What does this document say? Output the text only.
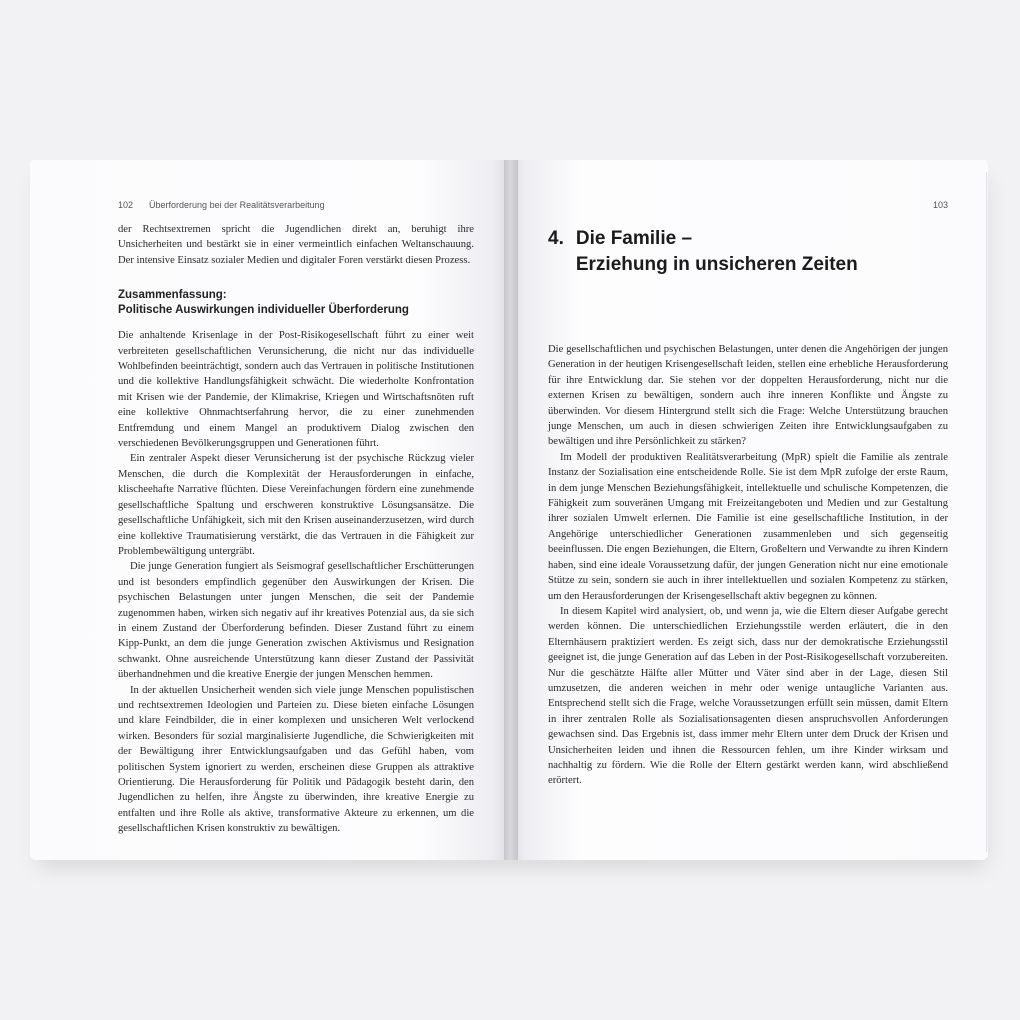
102 Überforderung bei der Realitätsverarbeitung

der Rechtsextremen spricht die Jugendlichen direkt an, beruhigt ihre Unsicherheiten und bestärkt sie in einer vermeintlich einfachen Weltanschauung. Der intensive Einsatz sozialer Medien und digitaler Foren verstärkt diesen Prozess.

Zusammenfassung:
Politische Auswirkungen individueller Überforderung

Die anhaltende Krisenlage in der Post-Risikogesellschaft führt zu einer weit verbreiteten gesellschaftlichen Verunsicherung, die nicht nur das individuelle Wohlbefinden beeinträchtigt, sondern auch das Vertrauen in politische Institutionen und die kollektive Handlungsfähigkeit schwächt. Die wiederholte Konfrontation mit Krisen wie der Pandemie, der Klimakrise, Kriegen und Wirtschaftsnöten ruft eine kollektive Ohnmachtserfahrung hervor, die zu einer zunehmenden Entfremdung und einem Mangel an produktivem Dialog zwischen den verschiedenen Bevölkerungsgruppen und Generationen führt.

Ein zentraler Aspekt dieser Verunsicherung ist der psychische Rückzug vieler Menschen, die durch die Komplexität der Herausforderungen in einfache, klischeehafte Narrative flüchten. Diese Vereinfachungen fördern eine zunehmende gesellschaftliche Spaltung und erschweren konstruktive Lösungsansätze. Die gesellschaftliche Unfähigkeit, sich mit den Krisen auseinanderzusetzen, wird durch eine kollektive Traumatisierung verstärkt, die das Vertrauen in die Fähigkeit zur Problembewältigung untergräbt.

Die junge Generation fungiert als Seismograf gesellschaftlicher Erschütterungen und ist besonders empfindlich gegenüber den Auswirkungen der Krisen. Die psychischen Belastungen unter jungen Menschen, die seit der Pandemie zugenommen haben, wirken sich negativ auf ihr kreatives Potenzial aus, da sie sich in einem Zustand der Überforderung befinden. Dieser Zustand führt zu einem Kipp-Punkt, an dem die junge Generation zwischen Aktivismus und Resignation schwankt. Ohne ausreichende Unterstützung kann dieser Zustand der Passivität überhandnehmen und die kreative Energie der jungen Menschen hemmen.

In der aktuellen Unsicherheit wenden sich viele junge Menschen populistischen und rechtsextremen Ideologien und Parteien zu. Diese bieten einfache Lösungen und klare Feindbilder, die in einer komplexen und unsicheren Welt verlockend wirken. Besonders für sozial marginalisierte Jugendliche, die Schwierigkeiten mit der Bewältigung ihrer Entwicklungsaufgaben und das Gefühl haben, vom politischen System ignoriert zu werden, erscheinen diese Gruppen als attraktive Orientierung. Die Herausforderung für Politik und Pädagogik besteht darin, den Jugendlichen zu helfen, ihre Ängste zu überwinden, ihre kreative Energie zu entfalten und ihre Rolle als aktive, transformative Akteure zu erkennen, um die gesellschaftlichen Krisen konstruktiv zu bewältigen.

103
4. Die Familie –
Erziehung in unsicheren Zeiten

Die gesellschaftlichen und psychischen Belastungen, unter denen die Angehörigen der jungen Generation in der heutigen Krisengesellschaft leiden, stellen eine erhebliche Herausforderung für ihre Entwicklung dar. Sie stehen vor der doppelten Herausforderung, nicht nur die externen Krisen zu bewältigen, sondern auch ihre inneren Konflikte und Ängste zu überwinden. Vor diesem Hintergrund stellt sich die Frage: Welche Unterstützung brauchen junge Menschen, um auch in diesen schwierigen Zeiten ihre Entwicklungsaufgaben zu bewältigen und ihre Persönlichkeit zu stärken?

Im Modell der produktiven Realitätsverarbeitung (MpR) spielt die Familie als zentrale Instanz der Sozialisation eine entscheidende Rolle. Sie ist dem MpR zufolge der erste Raum, in dem junge Menschen Beziehungsfähigkeit, intellektuelle und schulische Kompetenzen, die Fähigkeit zum souveränen Umgang mit Freizeitangeboten und Medien und zur Gestaltung ihrer sozialen Umwelt erlernen. Die Familie ist eine gesellschaftliche Institution, in der Angehörige unterschiedlicher Generationen zusammenleben und sich gegenseitig beeinflussen. Die engen Beziehungen, die Eltern, Großeltern und Verwandte zu ihren Kindern haben, sind eine ideale Voraussetzung dafür, der jungen Generation nicht nur eine emotionale Stütze zu sein, sondern sie auch in ihrer intellektuellen und sozialen Kompetenz zu stärken, um den Herausforderungen der Krisengesellschaft aktiv begegnen zu können.

In diesem Kapitel wird analysiert, ob, und wenn ja, wie die Eltern dieser Aufgabe gerecht werden können. Die unterschiedlichen Erziehungsstile werden erläutert, die in den Elternhäusern praktiziert werden. Es zeigt sich, dass nur der demokratische Erziehungsstil geeignet ist, die junge Generation auf das Leben in der Post-Risikogesellschaft vorzubereiten. Nur die geschätzte Hälfte aller Mütter und Väter sind aber in der Lage, diesen Stil umzusetzen, die anderen weichen in mehr oder wenige untaugliche Varianten aus. Entsprechend stellt sich die Frage, welche Voraussetzungen erfüllt sein müssen, damit Eltern in ihrer zentralen Rolle als Sozialisationsagenten diesen anspruchsvollen Anforderungen gewachsen sind. Das Ergebnis ist, dass immer mehr Eltern unter dem Druck der Krisen und Unsicherheiten leiden und ihnen die Ressourcen fehlen, um ihre Kinder wirksam und nachhaltig zu fördern. Wie die Rolle der Eltern gestärkt werden kann, wird abschließend erörtert.
